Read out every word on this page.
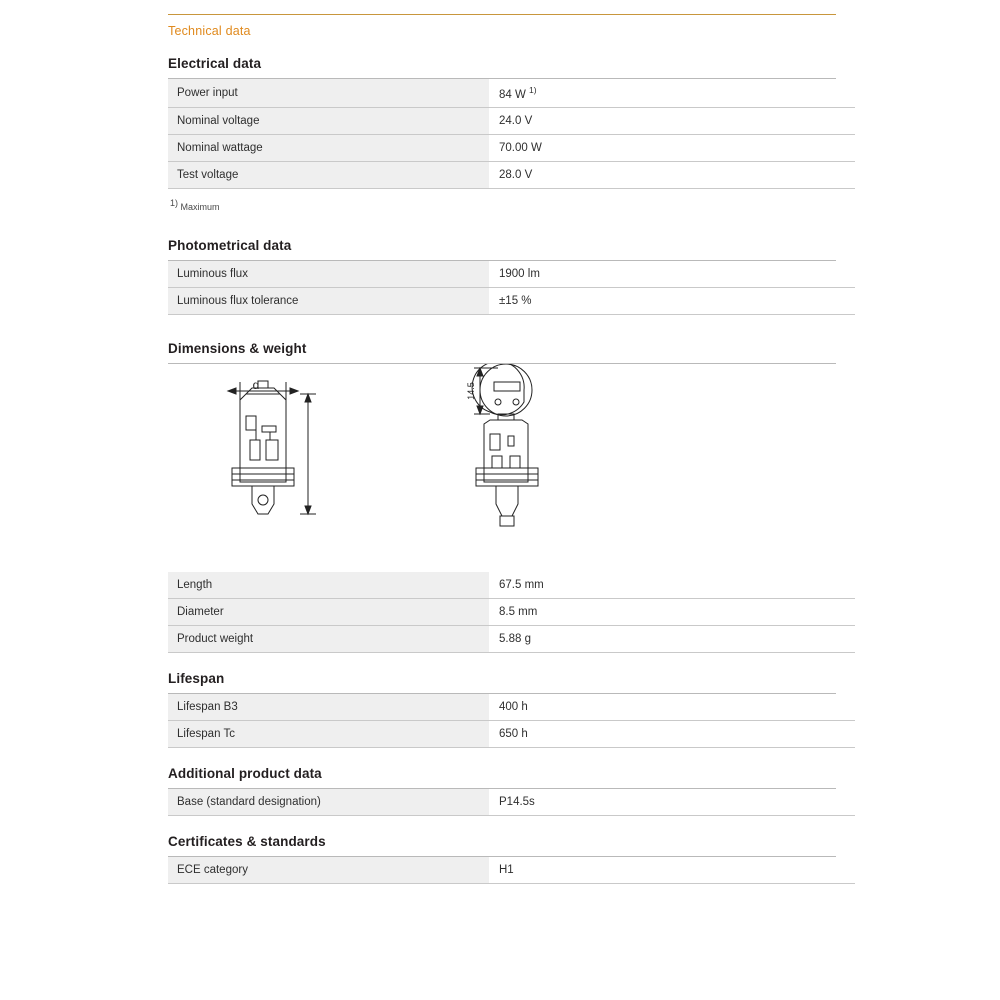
Technical data
Electrical data
Power input	84 W $^{1)}$
Nominal voltage	24.0 V
Nominal wattage	70.00 W
Test voltage	28.0 V

$^{1)}$ Maximum

Photometrical data
Luminous flux	1900 lm
Luminous flux tolerance	±15 %
Dimensions & weight
d	14.5
Length	67.5 mm
Diameter	8.5 mm
Product weight	5.88 g
Lifespan
Lifespan B3	400 h
Lifespan Tc	650 h
Additional product data
Base (standard designation)	P14.5s
Certificates & standards
ECE category	H1
